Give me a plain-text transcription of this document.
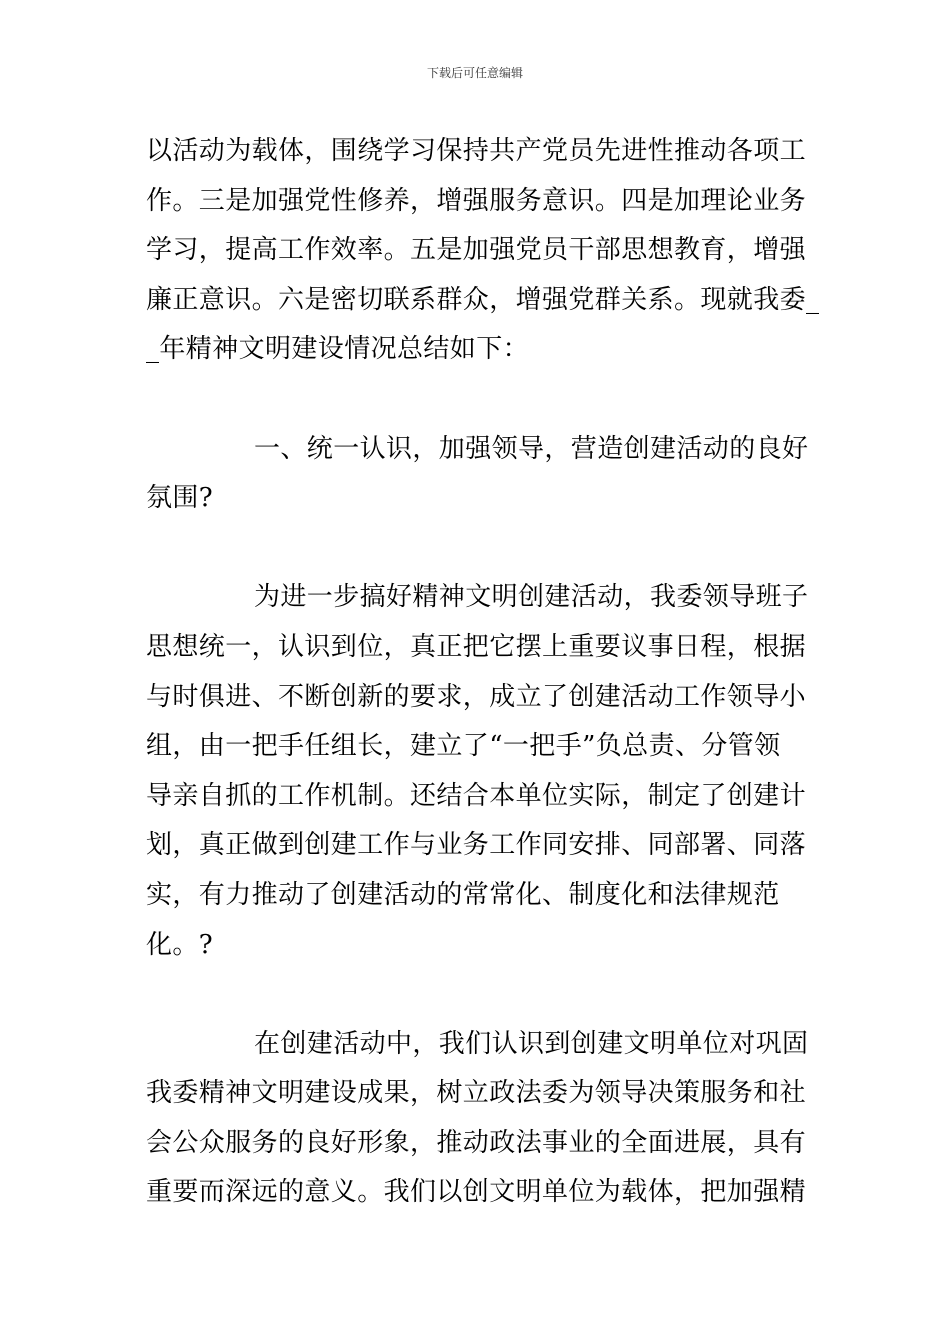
下载后可任意编辑
以活动为载体，围绕学习保持共产党员先进性推动各项工
作。三是加强党性修养，增强服务意识。四是加理论业务
学习，提高工作效率。五是加强党员干部思想教育，增强
廉正意识。六是密切联系群众，增强党群关系。现就我委_
_年精神文明建设情况总结如下：
一、统一认识，加强领导，营造创建活动的良好
氛围?
为进一步搞好精神文明创建活动，我委领导班子
思想统一，认识到位，真正把它摆上重要议事日程，根据
与时俱进、不断创新的要求，成立了创建活动工作领导小
组，由一把手任组长，建立了“一把手”负总责、分管领
导亲自抓的工作机制。还结合本单位实际，制定了创建计
划，真正做到创建工作与业务工作同安排、同部署、同落
实，有力推动了创建活动的常常化、制度化和法律规范
化。?
在创建活动中，我们认识到创建文明单位对巩固
我委精神文明建设成果，树立政法委为领导决策服务和社
会公众服务的良好形象，推动政法事业的全面进展，具有
重要而深远的意义。我们以创文明单位为载体，把加强精
